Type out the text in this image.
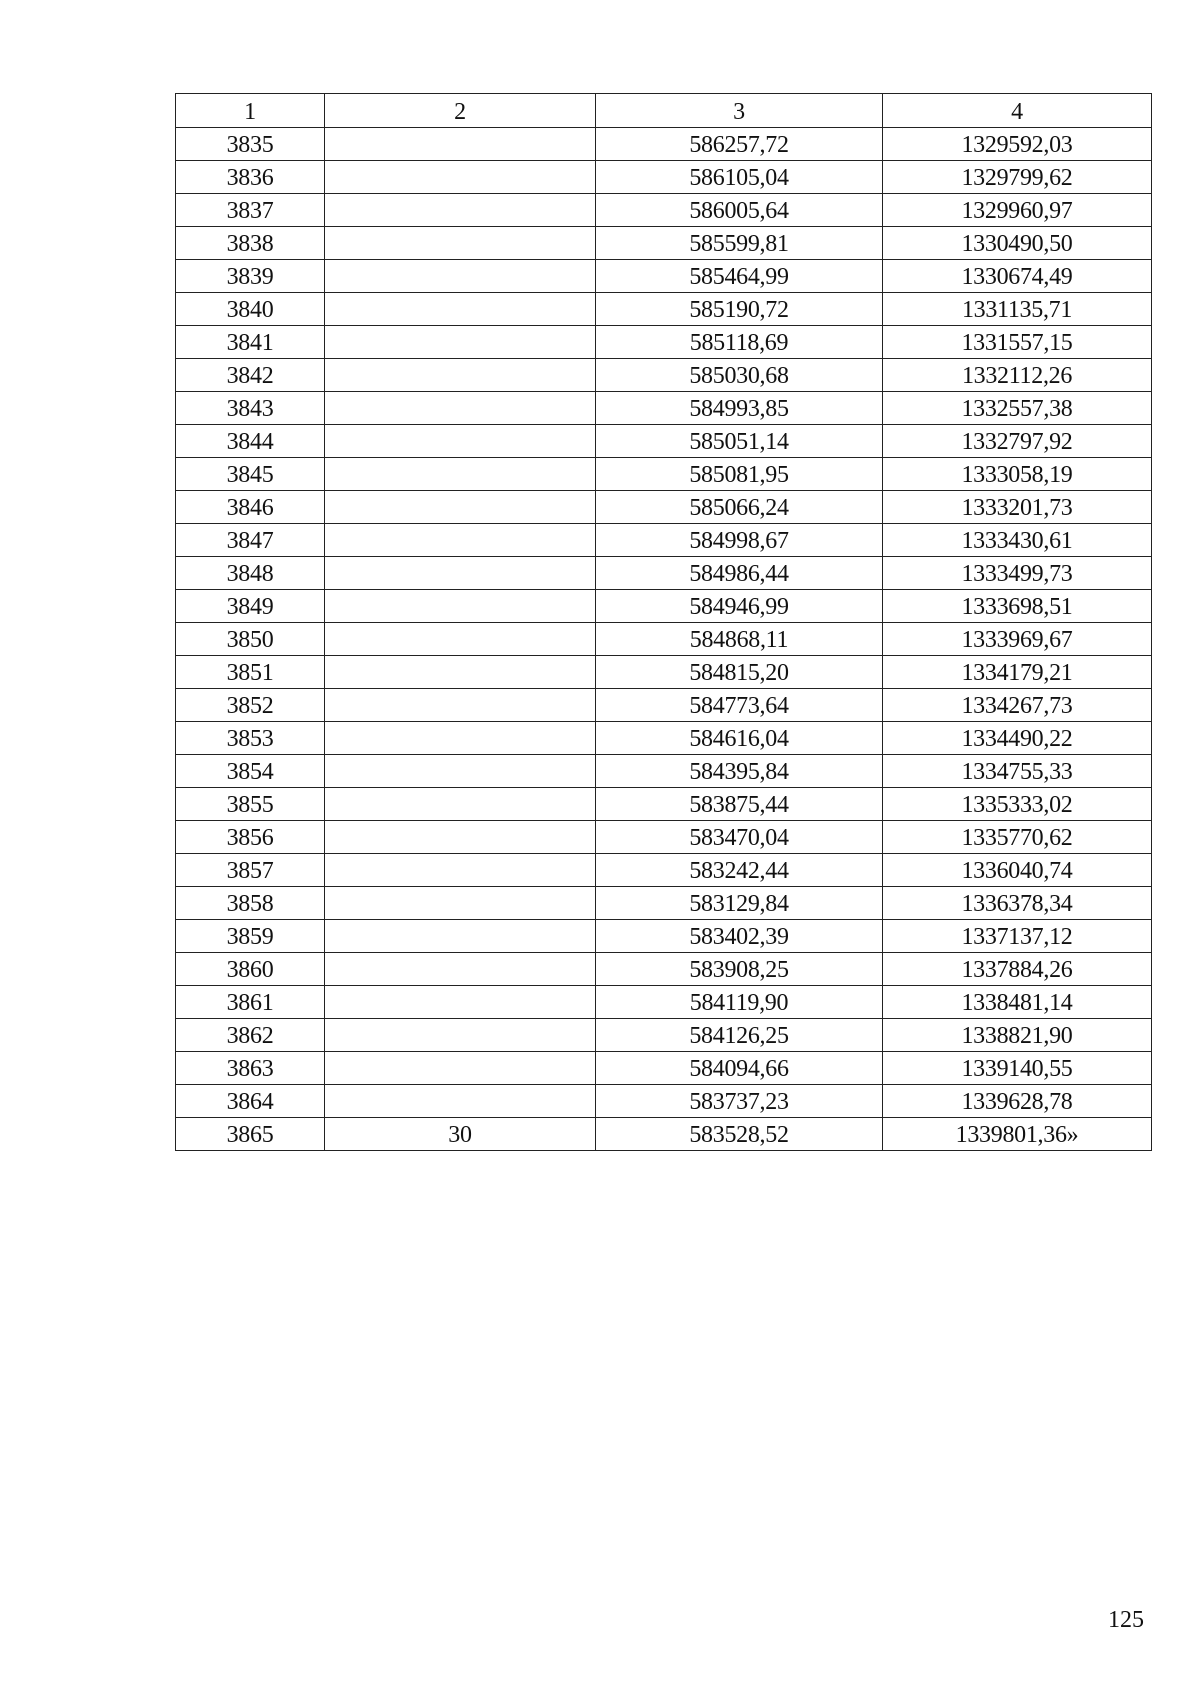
1	2	3	4
3835		586257,72	1329592,03
3836		586105,04	1329799,62
3837		586005,64	1329960,97
3838		585599,81	1330490,50
3839		585464,99	1330674,49
3840		585190,72	1331135,71
3841		585118,69	1331557,15
3842		585030,68	1332112,26
3843		584993,85	1332557,38
3844		585051,14	1332797,92
3845		585081,95	1333058,19
3846		585066,24	1333201,73
3847		584998,67	1333430,61
3848		584986,44	1333499,73
3849		584946,99	1333698,51
3850		584868,11	1333969,67
3851		584815,20	1334179,21
3852		584773,64	1334267,73
3853		584616,04	1334490,22
3854		584395,84	1334755,33
3855		583875,44	1335333,02
3856		583470,04	1335770,62
3857		583242,44	1336040,74
3858		583129,84	1336378,34
3859		583402,39	1337137,12
3860		583908,25	1337884,26
3861		584119,90	1338481,14
3862		584126,25	1338821,90
3863		584094,66	1339140,55
3864		583737,23	1339628,78
3865	30	583528,52	1339801,36»
125
